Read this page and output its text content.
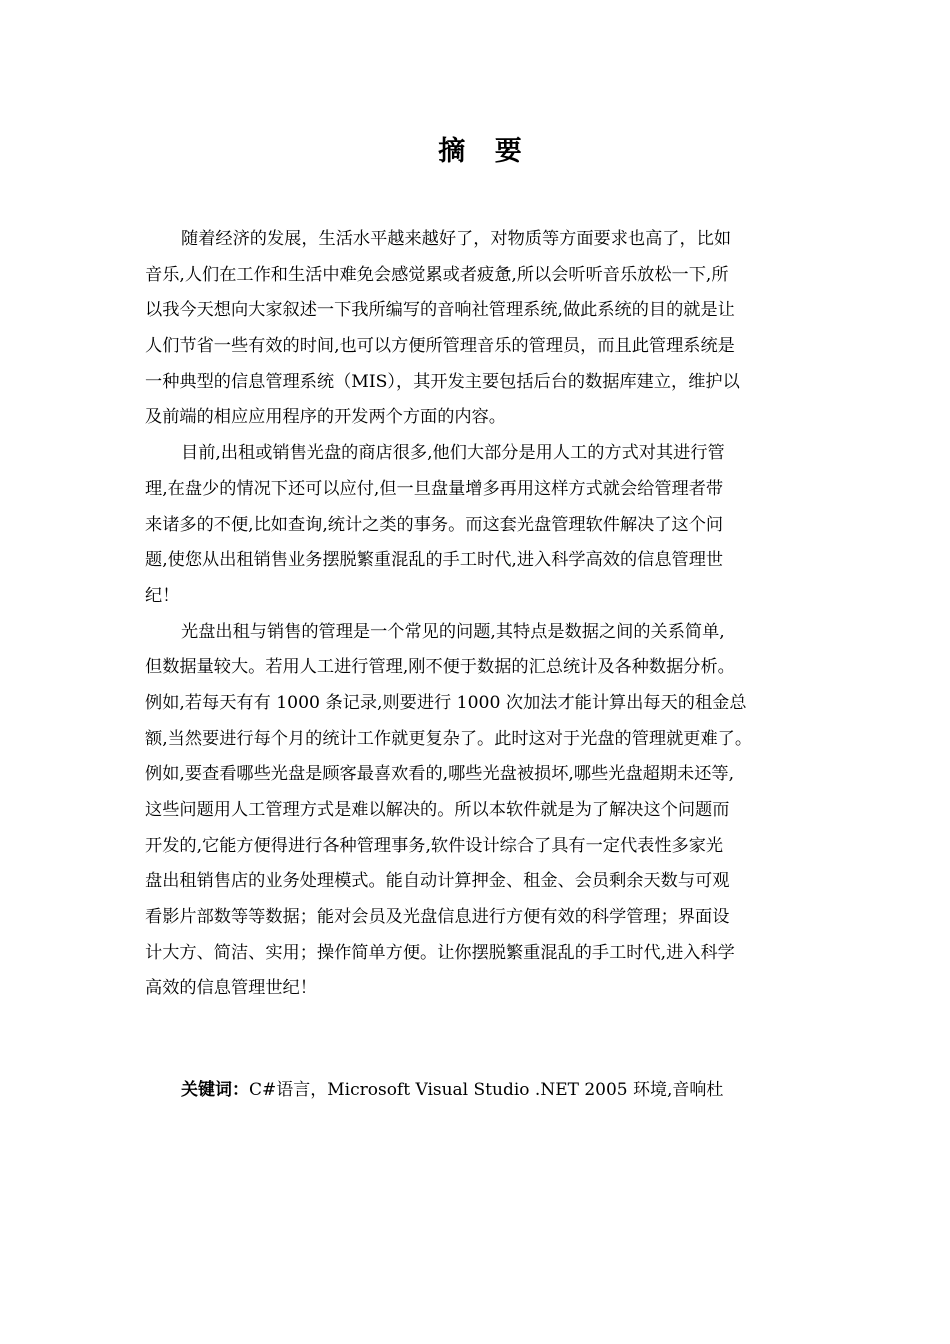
摘 要
随着经济的发展，生活水平越来越好了，对物质等方面要求也高了，比如
音乐,人们在工作和生活中难免会感觉累或者疲惫,所以会听听音乐放松一下,所
以我今天想向大家叙述一下我所编写的音响社管理系统,做此系统的目的就是让
人们节省一些有效的时间,也可以方便所管理音乐的管理员，而且此管理系统是
一种典型的信息管理系统（MIS），其开发主要包括后台的数据库建立，维护以
及前端的相应应用程序的开发两个方面的内容。
目前,出租或销售光盘的商店很多,他们大部分是用人工的方式对其进行管
理,在盘少的情况下还可以应付,但一旦盘量增多再用这样方式就会给管理者带
来诸多的不便,比如查询,统计之类的事务。而这套光盘管理软件解决了这个问
题,使您从出租销售业务摆脱繁重混乱的手工时代,进入科学高效的信息管理世
纪！
光盘出租与销售的管理是一个常见的问题,其特点是数据之间的关系简单,
但数据量较大。若用人工进行管理,刚不便于数据的汇总统计及各种数据分析。
例如,若每天有有 1000 条记录,则要进行 1000 次加法才能计算出每天的租金总
额,当然要进行每个月的统计工作就更复杂了。此时这对于光盘的管理就更难了。
例如,要查看哪些光盘是顾客最喜欢看的,哪些光盘被损坏,哪些光盘超期未还等,
这些问题用人工管理方式是难以解决的。所以本软件就是为了解决这个问题而
开发的,它能方便得进行各种管理事务,软件设计综合了具有一定代表性多家光
盘出租销售店的业务处理模式。能自动计算押金、租金、会员剩余天数与可观
看影片部数等等数据；能对会员及光盘信息进行方便有效的科学管理；界面设
计大方、简洁、实用；操作简单方便。让你摆脱繁重混乱的手工时代,进入科学
高效的信息管理世纪！
关键词：C#语言，Microsoft Visual Studio .NET 2005 环境,音响杜
